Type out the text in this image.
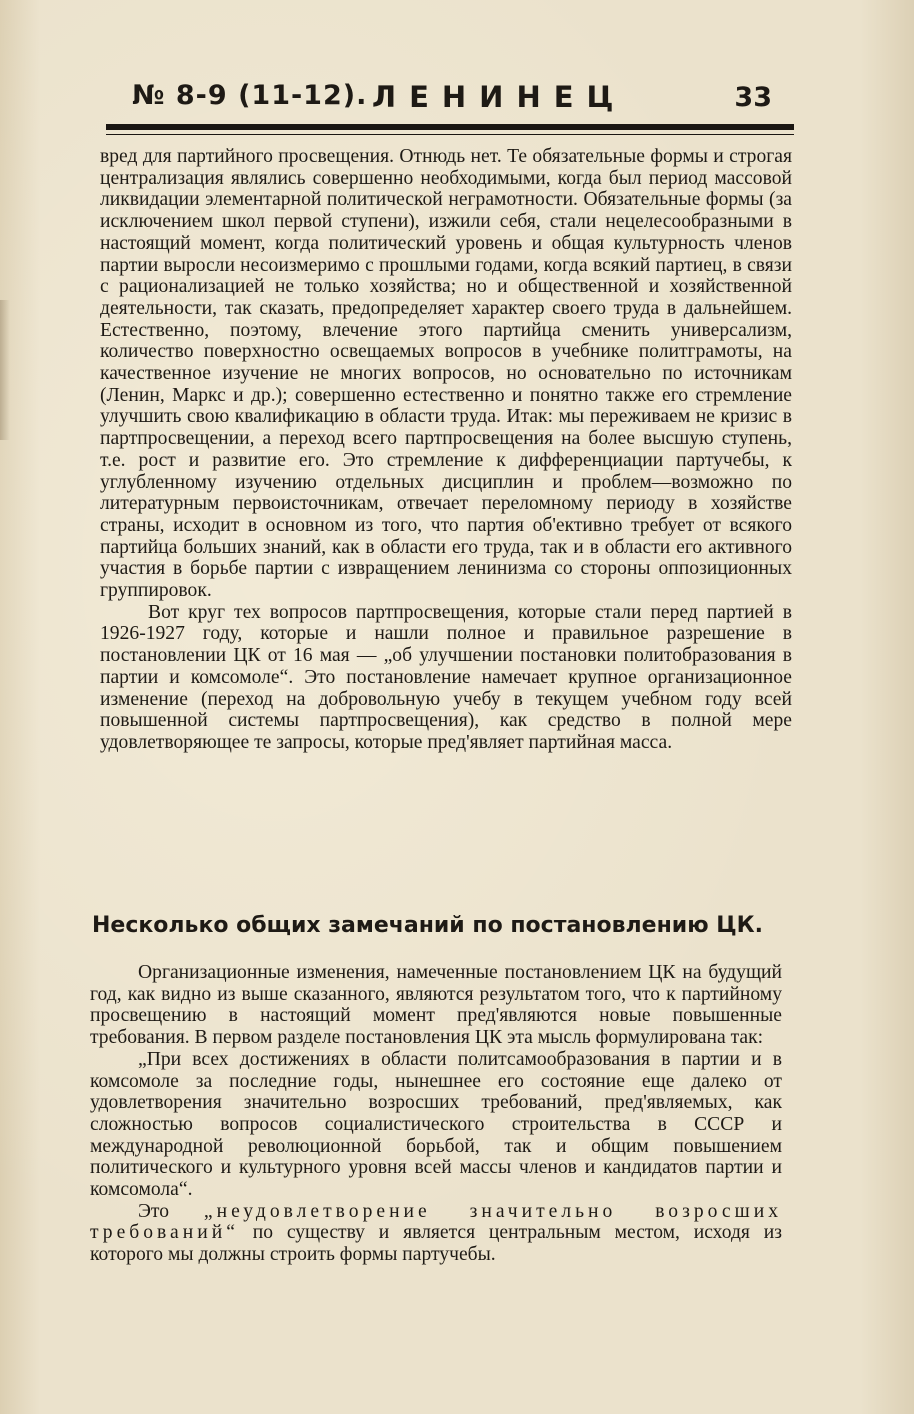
№ 8-9 (11-12). ЛЕНИНЕЦ	33

вред для партийного просвещения. Отнюдь нет. Те обязательные формы и строгая централизация являлись совершенно необходимыми, когда был период массовой ликвидации элементарной политической неграмотности. Обязательные формы (за исключением школ первой ступени), изжили себя, стали нецелесообразными в настоящий момент, когда политический уровень и общая культурность членов партии выросли несоизмеримо с прошлыми годами, когда всякий партиец, в связи с рационализацией не только хозяйства; но и общественной и хозяйственной деятельности, так сказать, предопределяет характер своего труда в дальнейшем. Естественно, поэтому, влечение этого партийца сменить универсализм, количество поверхностно освещаемых вопросов в учебнике политграмоты, на качественное изучение не многих вопросов, но основательно по источникам (Ленин, Маркс и др.); совершенно естественно и понятно также его стремление улучшить свою квалификацию в области труда. Итак: мы переживаем не кризис в партпросвещении, а переход всего партпросвещения на более высшую ступень, т.е. рост и развитие его. Это стремление к дифференциации партучебы, к углубленному изучению отдельных дисциплин и проблем—возможно по литературным первоисточникам, отвечает переломному периоду в хозяйстве страны, исходит в основном из того, что партия об'ективно требует от всякого партийца больших знаний, как в области его труда, так и в области его активного участия в борьбе партии с извращением ленинизма со стороны оппозиционных группировок.

Вот круг тех вопросов партпросвещения, которые стали перед партией в 1926-1927 году, которые и нашли полное и правильное разрешение в постановлении ЦК от 16 мая — „об улучшении постановки политобразования в партии и комсомоле“. Это постановление намечает крупное организационное изменение (переход на добровольную учебу в текущем учебном году всей повышенной системы партпросвещения), как средство в полной мере удовлетворяющее те запросы, которые пред'являет партийная масса.

Несколько общих замечаний по постановлению ЦК.

Организационные изменения, намеченные постановлением ЦК на будущий год, как видно из выше сказанного, являются результатом того, что к партийному просвещению в настоящий момент пред'являются новые повышенные требования. В первом разделе постановления ЦК эта мысль формулирована так:

„При всех достижениях в области политсамообразования в партии и в комсомоле за последние годы, нынешнее его состояние еще далеко от удовлетворения значительно возросших требований, пред'являемых, как сложностью вопросов социалистического строительства в СССР и международной революционной борьбой, так и общим повышением политического и культурного уровня всей массы членов и кандидатов партии и комсомола“.

Это „неудовлетворение значительно возросших требований“ по существу и является центральным местом, исходя из которого мы должны строить формы партучебы.
